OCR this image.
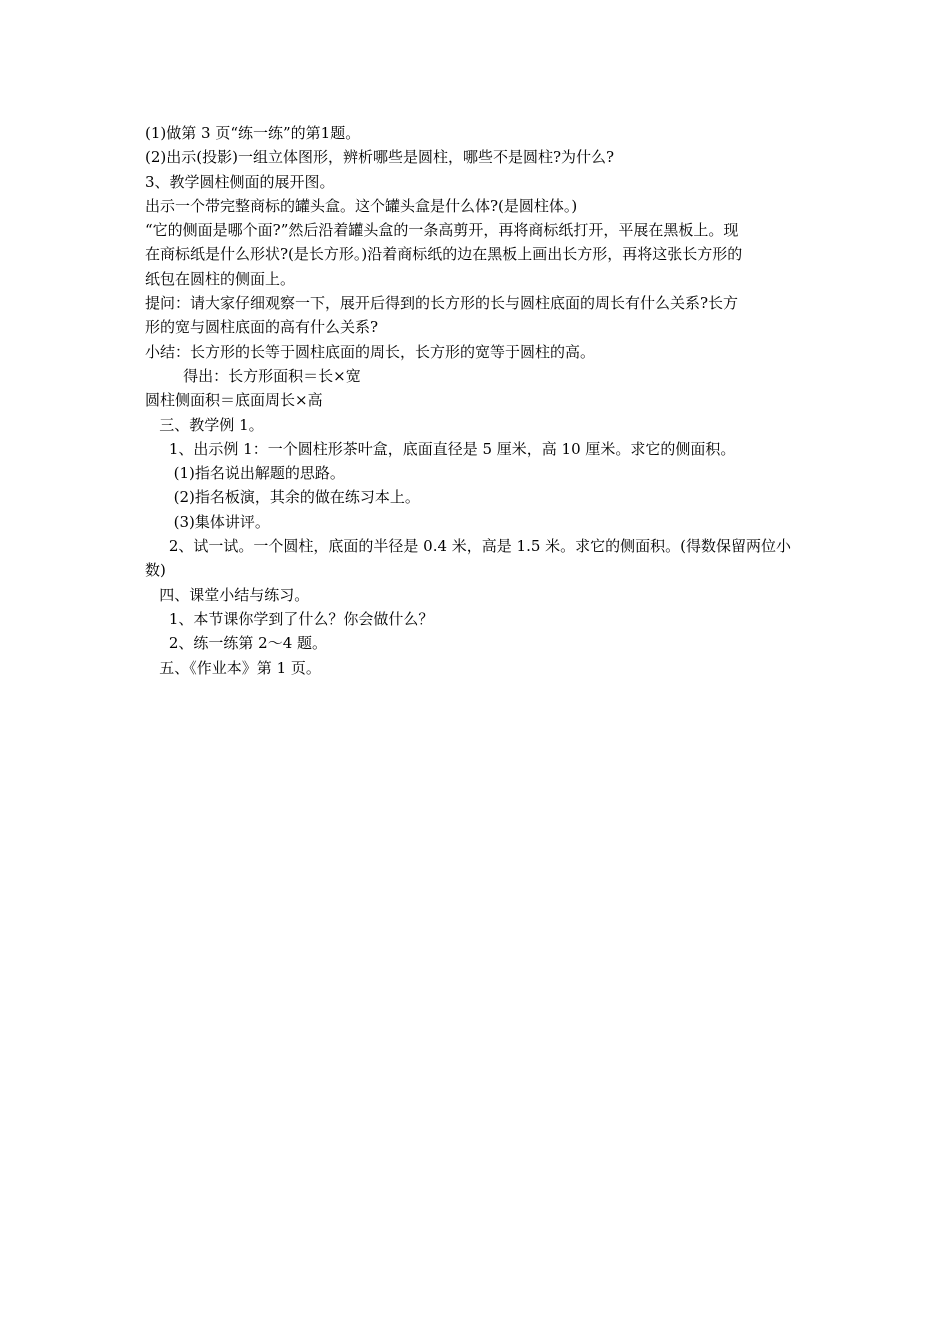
(1)做第 3 页“练一练”的第1题。
(2)出示(投影)一组立体图形，辨析哪些是圆柱，哪些不是圆柱?为什么?
3、教学圆柱侧面的展开图。
出示一个带完整商标的罐头盒。这个罐头盒是什么体?(是圆柱体。)
“它的侧面是哪个面?”然后沿着罐头盒的一条高剪开，再将商标纸打开，平展在黑板上。现
在商标纸是什么形状?(是长方形。)沿着商标纸的边在黑板上画出长方形，再将这张长方形的
纸包在圆柱的侧面上。
提问：请大家仔细观察一下，展开后得到的长方形的长与圆柱底面的周长有什么关系?长方
形的宽与圆柱底面的高有什么关系?
小结：长方形的长等于圆柱底面的周长，长方形的宽等于圆柱的高。
得出：长方形面积＝长×宽
圆柱侧面积＝底面周长×高
三、教学例 1。
1、出示例 1：一个圆柱形茶叶盒，底面直径是 5 厘米，高 10 厘米。求它的侧面积。
(1)指名说出解题的思路。
(2)指名板演，其余的做在练习本上。
(3)集体讲评。
2、试一试。一个圆柱，底面的半径是 0.4 米，高是 1.5 米。求它的侧面积。(得数保留两位小
数)
四、课堂小结与练习。
1、本节课你学到了什么？你会做什么？
2、练一练第 2～4 题。
五、《作业本》第 1 页。
